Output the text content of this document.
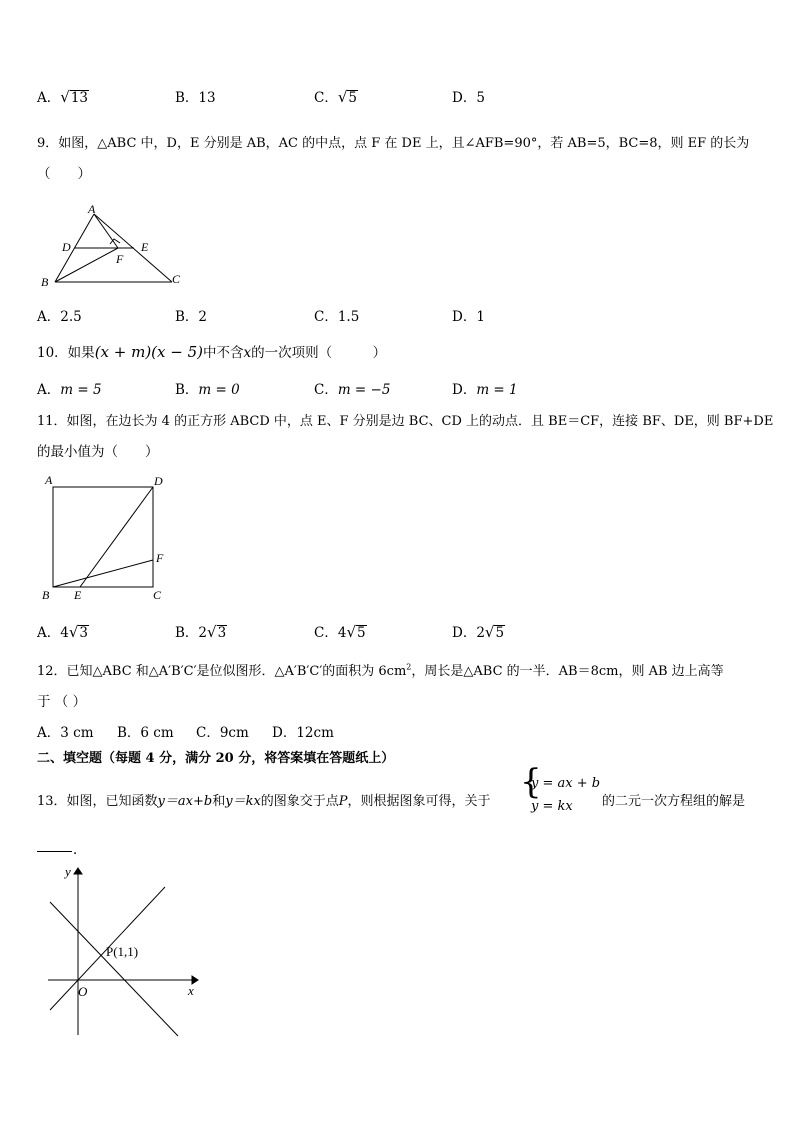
A．√13	B．13	C．√5	D．5
9．如图，△ABC 中，D，E 分别是 AB，AC 的中点，点 F 在 DE 上，且∠AFB=90°，若 AB=5，BC=8，则 EF 的长为
（　　）
A
D	E
F
B	C
A．2.5	B．2	C．1.5	D．1
10．如果(x + m)(x − 5)中不含x的一次项则（　　　）
A．m = 5	B．m = 0	C．m = −5	D．m = 1
11．如图，在边长为 4 的正方形 ABCD 中，点 E、F 分别是边 BC、CD 上的动点．且 BE＝CF，连接 BF、DE，则 BF+DE
的最小值为（　　）
A	D
F
B E	C
A．4√3	B．2√3	C．4√5	D．2√5
12．已知△ABC 和△A′B′C′是位似图形．△A′B′C′的面积为 $6cm^2$，周长是△ABC 的一半．AB＝8cm，则 AB 边上高等
于 （ ）
A．3 cm B．6 cm C．9cm D．12cm
二、填空题（每题 4 分，满分 20 分，将答案填在答题纸上）
13．如图，已知函数y＝ax+b和y＝kx的图象交于点P，则根据图象可得，关于 {
y = ax + b
y = kx 的二元一次方程组的解是
．
y
x
O
P(1,1)
